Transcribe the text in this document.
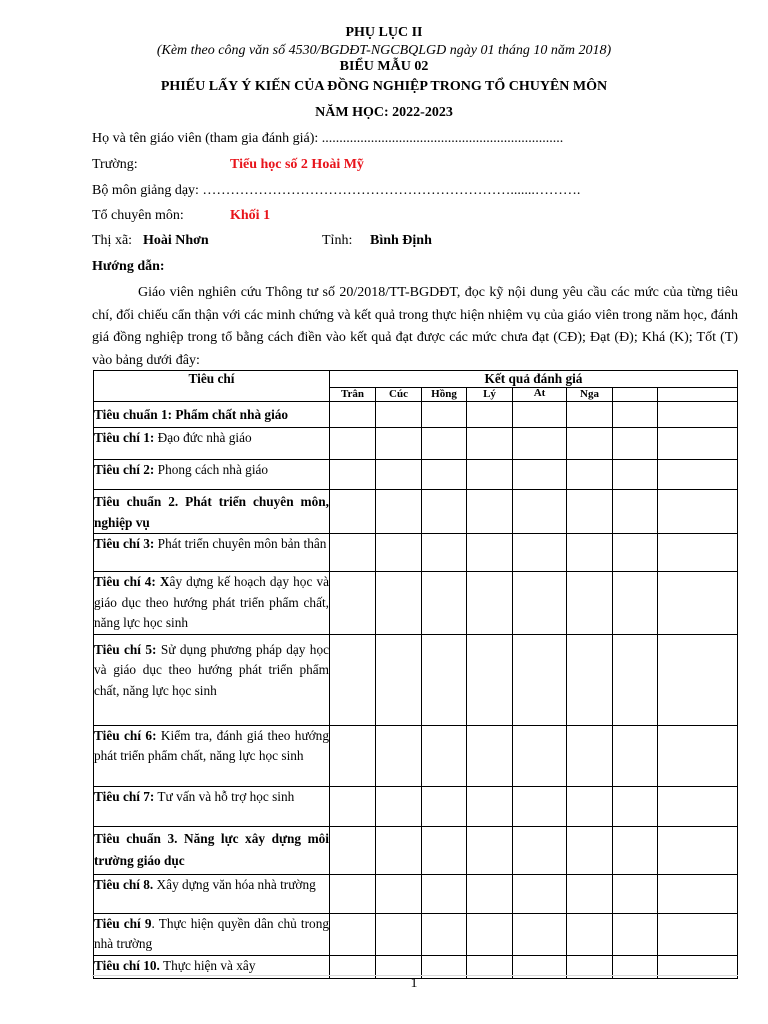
PHỤ LỤC II
(Kèm theo công văn số 4530/BGDĐT-NGCBQLGD ngày 01 tháng 10 năm 2018)
BIỂU MẪU 02
PHIẾU LẤY Ý KIẾN CỦA ĐỒNG NGHIỆP TRONG TỔ CHUYÊN MÔN
NĂM HỌC: 2022-2023
Họ và tên giáo viên (tham gia đánh giá): .....................................................................
Trường:	Tiểu học số 2 Hoài Mỹ
Bộ môn giảng dạy: ………………………………………………………….......……….
Tổ chuyên môn:	Khối 1
Thị xã: Hoài Nhơn	Tỉnh: Bình Định
Hướng dẫn:
Giáo viên nghiên cứu Thông tư số 20/2018/TT-BGDĐT, đọc kỹ nội dung yêu cầu các mức của từng tiêu chí, đối chiếu cẩn thận với các minh chứng và kết quả trong thực hiện nhiệm vụ của giáo viên trong năm học, đánh giá đồng nghiệp trong tổ bằng cách điền vào kết quả đạt được các mức chưa đạt (CĐ); Đạt (Đ); Khá (K); Tốt (T) vào bảng dưới đây:
Tiêu chí	Kết quả đánh giá							
	Trân	Cúc	Hồng	Lý	At	Nga		
Tiêu chuẩn 1: Phẩm chất nhà giáo								
Tiêu chí 1: Đạo đức nhà giáo								
Tiêu chí 2: Phong cách nhà giáo								
Tiêu chuẩn 2. Phát triển chuyên môn, nghiệp vụ								
Tiêu chí 3: Phát triển chuyên môn bản thân								
Tiêu chí 4: Xây dựng kế hoạch dạy học và giáo dục theo hướng phát triển phẩm chất, năng lực học sinh								
Tiêu chí 5: Sử dụng phương pháp dạy học và giáo dục theo hướng phát triển phẩm chất, năng lực học sinh								
Tiêu chí 6: Kiểm tra, đánh giá theo hướng phát triển phẩm chất, năng lực học sinh								
Tiêu chí 7: Tư vấn và hỗ trợ học sinh								
Tiêu chuẩn 3. Năng lực xây dựng môi trường giáo dục								
Tiêu chí 8. Xây dựng văn hóa nhà trường								
Tiêu chí 9. Thực hiện quyền dân chủ trong nhà trường								
Tiêu chí 10. Thực hiện và xây								
1
